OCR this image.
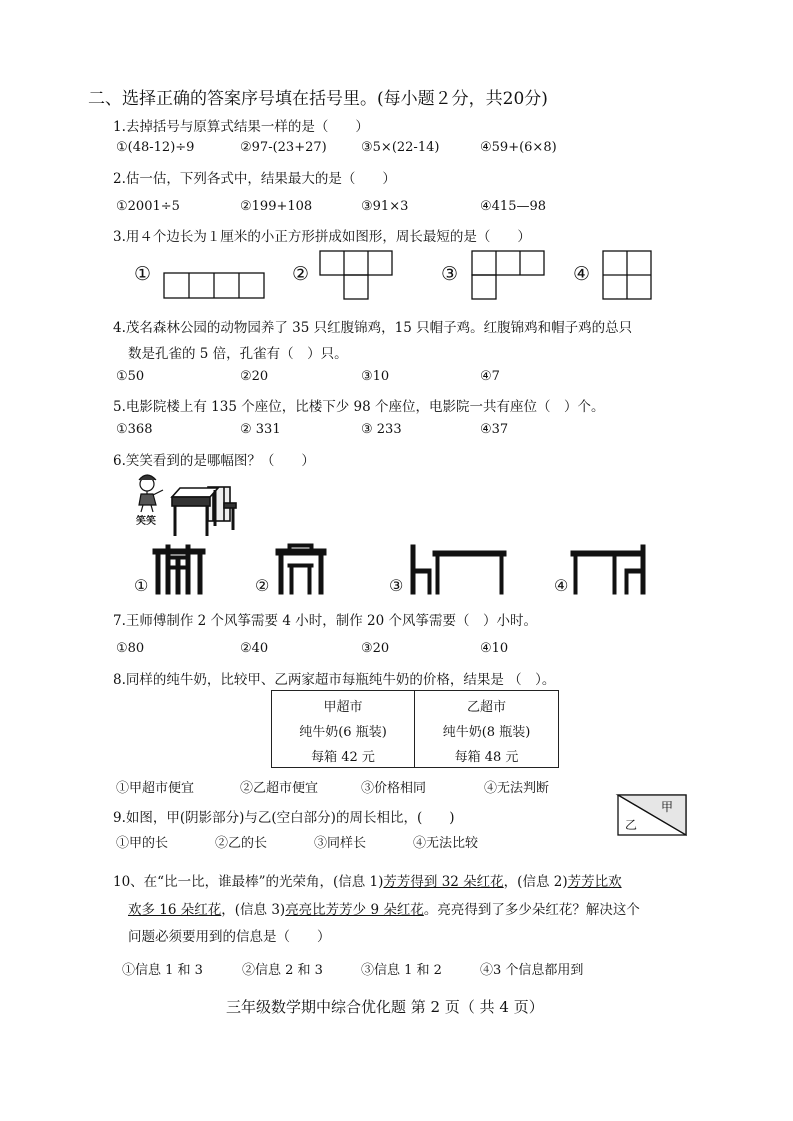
二、选择正确的答案序号填在括号里。(每小题２分，共20分)
1.去掉括号与原算式结果一样的是（　　）
①(48-12)÷9	②97-(23+27)	③5×(22-14)	④59+(6×8)
2.估一估，下列各式中，结果最大的是（　　）
①2001÷5	②199+108	③91×3	④415—98
3.用４个边长为１厘米的小正方形拼成如图形，周长最短的是（　　）
①	②	③	④
4.茂名森林公园的动物园养了 35 只红腹锦鸡，15 只帽子鸡。红腹锦鸡和帽子鸡的总只
数是孔雀的 5 倍，孔雀有（　）只。
①50	②20	③10	④7
5.电影院楼上有 135 个座位，比楼下少 98 个座位，电影院一共有座位（　）个。
①368	② 331	③ 233	④37
6.笑笑看到的是哪幅图？（　　）
笑笑
①	②	③	④
7.王师傅制作 2 个风筝需要 4 小时，制作 20 个风筝需要（　）小时。
①80	②40	③20	④10
8.同样的纯牛奶，比较甲、乙两家超市每瓶纯牛奶的价格，结果是 （　）。
甲超市
纯牛奶(6 瓶装)
每箱 42 元
乙超市
纯牛奶(8 瓶装)
每箱 48 元
①甲超市便宜	②乙超市便宜	③价格相同	④无法判断
9.如图，甲(阴影部分)与乙(空白部分)的周长相比，(　　)
①甲的长	②乙的长	③同样长	④无法比较
甲
乙
10、在“比一比，谁最棒”的光荣角，(信息 1)芳芳得到 32 朵红花，(信息 2)芳芳比欢
欢多 16 朵红花，(信息 3)亮亮比芳芳少 9 朵红花。亮亮得到了多少朵红花？解决这个
问题必须要用到的信息是（　　）
①信息 1 和 3	②信息 2 和 3	③信息 1 和 2	④3 个信息都用到
三年级数学期中综合优化题 第 2 页（ 共 4 页）
